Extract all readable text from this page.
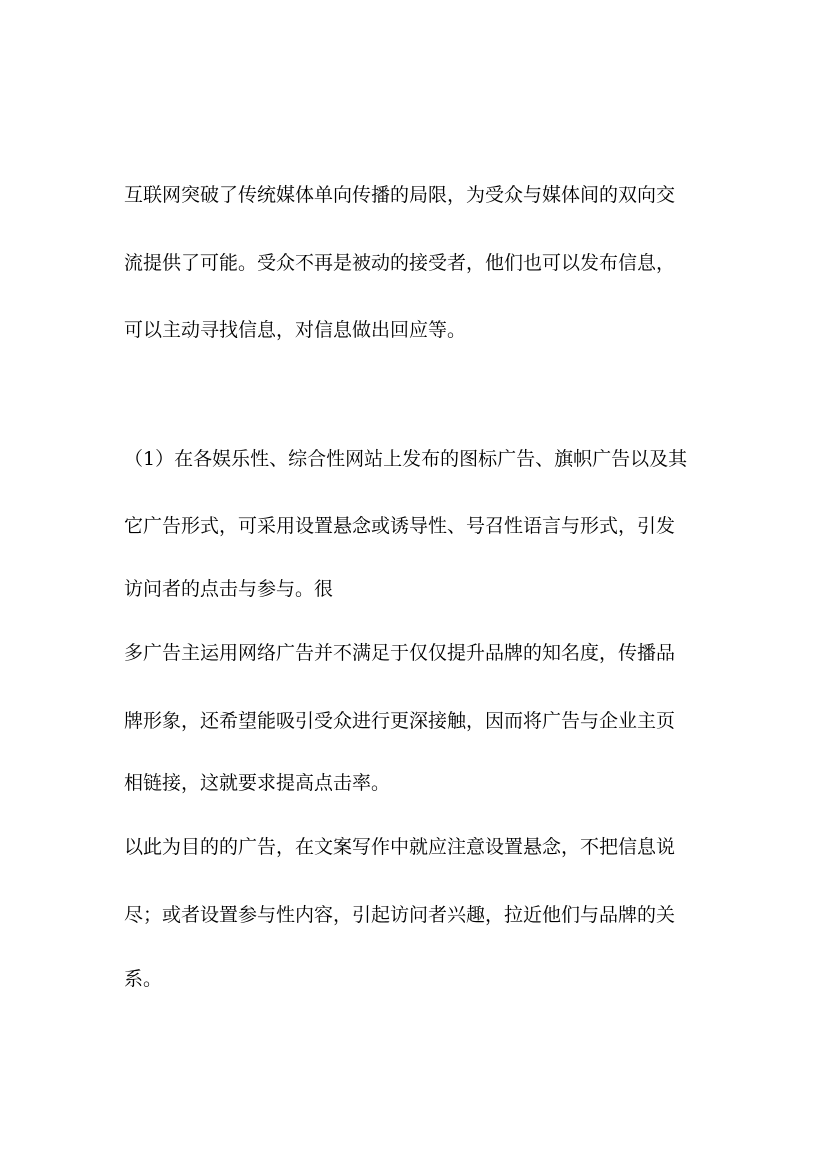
互联网突破了传统媒体单向传播的局限，为受众与媒体间的双向交
流提供了可能。受众不再是被动的接受者，他们也可以发布信息，
可以主动寻找信息，对信息做出回应等。
（1）在各娱乐性、综合性网站上发布的图标广告、旗帜广告以及其
它广告形式，可采用设置悬念或诱导性、号召性语言与形式，引发
访问者的点击与参与。很
多广告主运用网络广告并不满足于仅仅提升品牌的知名度，传播品
牌形象，还希望能吸引受众进行更深接触，因而将广告与企业主页
相链接，这就要求提高点击率。
以此为目的的广告，在文案写作中就应注意设置悬念，不把信息说
尽；或者设置参与性内容，引起访问者兴趣，拉近他们与品牌的关
系。
